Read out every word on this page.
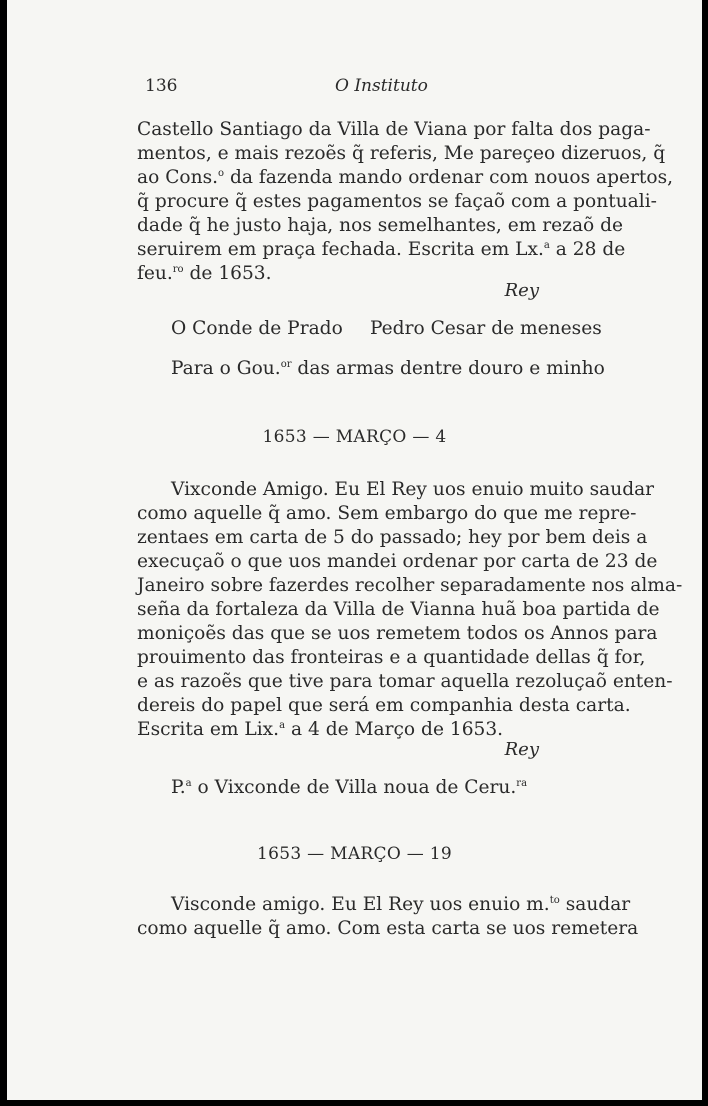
136	O Instituto
Castello Santiago da Villa de Viana por falta dos paga-
mentos, e mais rezoẽs q̃ referis, Me pareçeo dizeruos, q̃
ao Cons.$^o$ da fazenda mando ordenar com nouos apertos,
q̃ procure q̃ estes pagamentos se façaõ com a pontuali-
dade q̃ he justo haja, nos semelhantes, em rezaõ de
seruirem em praça fechada. Escrita em Lx.$^a$ a 28 de
feu.$^{ro}$ de 1653.
Rey
O Conde de Prado Pedro Cesar de meneses
Para o Gou.$^{or}$ das armas dentre douro e minho
1653 — MARÇO — 4
Vixconde Amigo. Eu El Rey uos enuio muito saudar
como aquelle q̃ amo. Sem embargo do que me repre-
zentaes em carta de 5 do passado; hey por bem deis a
execuçaõ o que uos mandei ordenar por carta de 23 de
Janeiro sobre fazerdes recolher separadamente nos alma-
seña da fortaleza da Villa de Vianna huã boa partida de
moniçoẽs das que se uos remetem todos os Annos para
prouimento das fronteiras e a quantidade dellas q̃ for,
e as razoẽs que tive para tomar aquella rezoluçaõ enten-
dereis do papel que será em companhia desta carta.
Escrita em Lix.$^a$ a 4 de Março de 1653.
Rey
P.$^a$ o Vixconde de Villa noua de Ceru.$^{ra}$
1653 — MARÇO — 19
Visconde amigo. Eu El Rey uos enuio m.$^{to}$ saudar
como aquelle q̃ amo. Com esta carta se uos remetera
